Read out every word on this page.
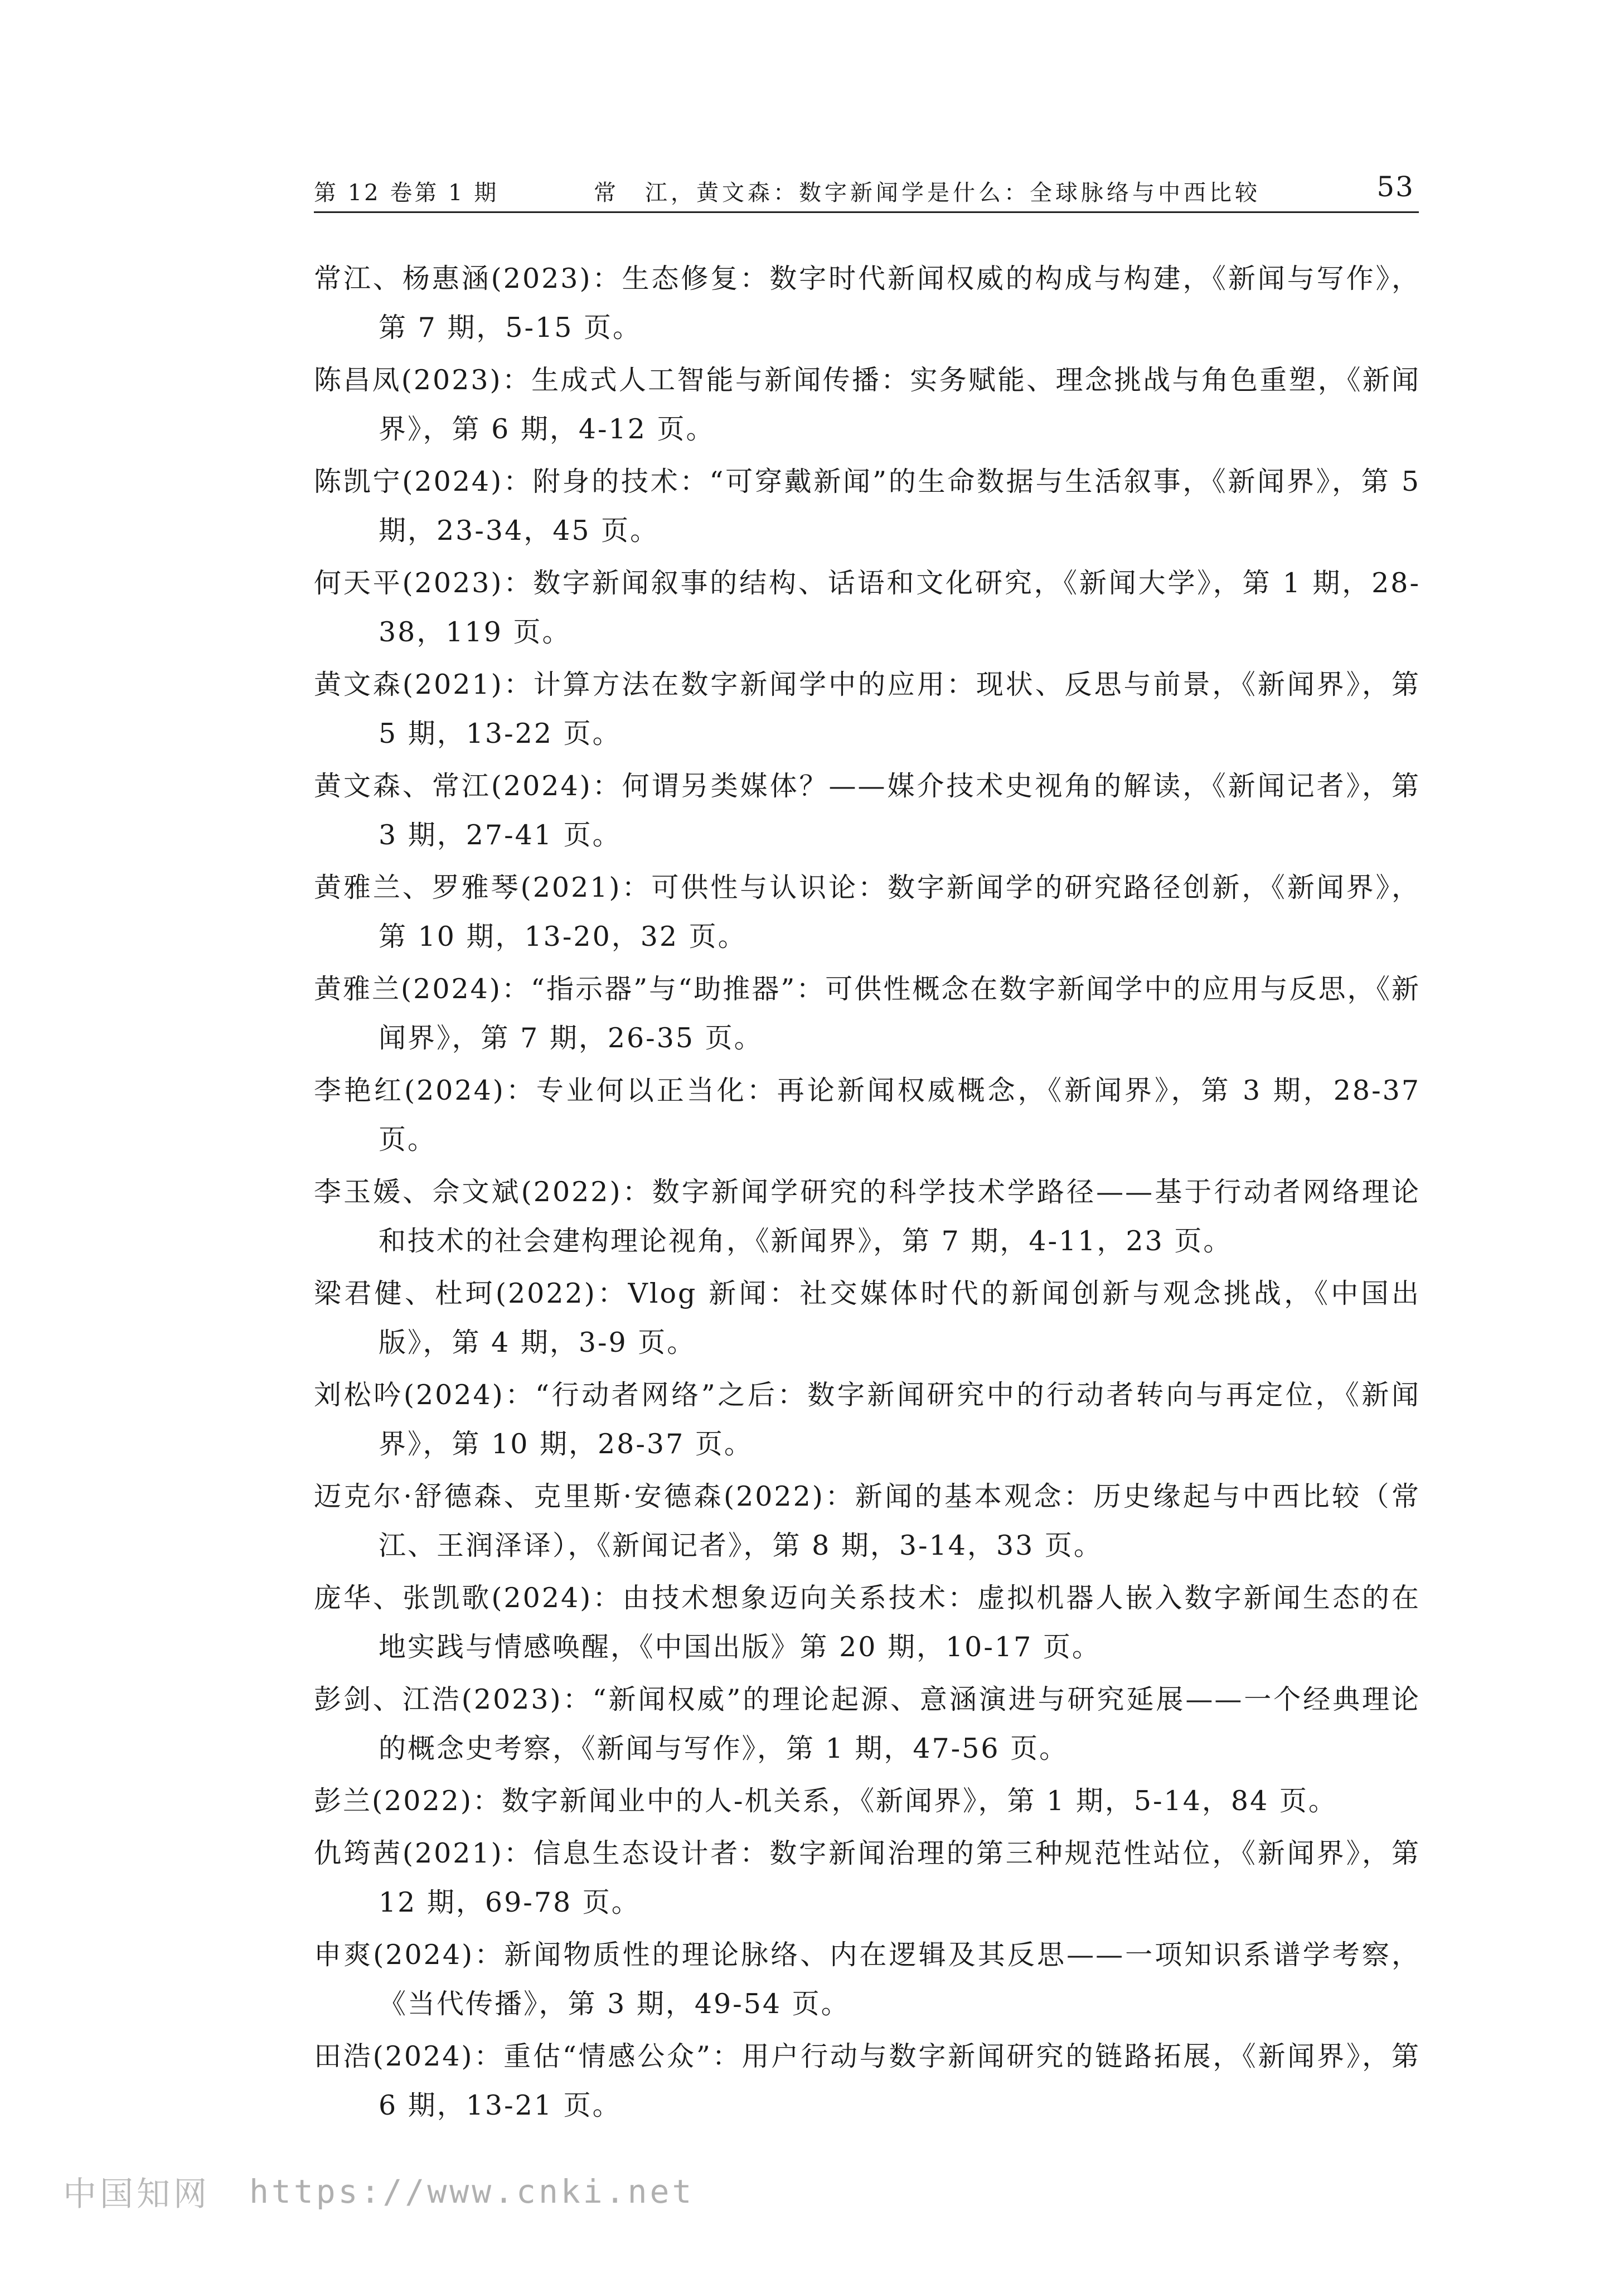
第 12 卷第 1 期	常　江，黄文森：数字新闻学是什么：全球脉络与中西比较	53
常江、杨惠涵(2023)：生态修复：数字时代新闻权威的构成与构建，《新闻与写作》，第 7 期，5-15 页。
陈昌凤(2023)：生成式人工智能与新闻传播：实务赋能、理念挑战与角色重塑，《新闻界》，第 6 期，4-12 页。
陈凯宁(2024)：附身的技术：“可穿戴新闻”的生命数据与生活叙事，《新闻界》，第 5 期，23-34，45 页。
何天平(2023)：数字新闻叙事的结构、话语和文化研究，《新闻大学》，第 1 期，28-38，119 页。
黄文森(2021)：计算方法在数字新闻学中的应用：现状、反思与前景，《新闻界》，第 5 期，13-22 页。
黄文森、常江(2024)：何谓另类媒体？——媒介技术史视角的解读，《新闻记者》，第 3 期，27-41 页。
黄雅兰、罗雅琴(2021)：可供性与认识论：数字新闻学的研究路径创新，《新闻界》，第 10 期，13-20，32 页。
黄雅兰(2024)：“指示器”与“助推器”：可供性概念在数字新闻学中的应用与反思，《新闻界》，第 7 期，26-35 页。
李艳红(2024)：专业何以正当化：再论新闻权威概念，《新闻界》，第 3 期，28-37 页。
李玉媛、佘文斌(2022)：数字新闻学研究的科学技术学路径——基于行动者网络理论和技术的社会建构理论视角，《新闻界》，第 7 期，4-11，23 页。
梁君健、杜珂(2022)：Vlog 新闻：社交媒体时代的新闻创新与观念挑战，《中国出版》，第 4 期，3-9 页。
刘松吟(2024)：“行动者网络”之后：数字新闻研究中的行动者转向与再定位，《新闻界》，第 10 期，28-37 页。
迈克尔·舒德森、克里斯·安德森(2022)：新闻的基本观念：历史缘起与中西比较（常江、王润泽译），《新闻记者》，第 8 期，3-14，33 页。
庞华、张凯歌(2024)：由技术想象迈向关系技术：虚拟机器人嵌入数字新闻生态的在地实践与情感唤醒，《中国出版》第 20 期，10-17 页。
彭剑、江浩(2023)：“新闻权威”的理论起源、意涵演进与研究延展——一个经典理论的概念史考察，《新闻与写作》，第 1 期，47-56 页。
彭兰(2022)：数字新闻业中的人-机关系，《新闻界》，第 1 期，5-14，84 页。
仇筠茜(2021)：信息生态设计者：数字新闻治理的第三种规范性站位，《新闻界》，第 12 期，69-78 页。
申爽(2024)：新闻物质性的理论脉络、内在逻辑及其反思——一项知识系谱学考察，《当代传播》，第 3 期，49-54 页。
田浩(2024)：重估“情感公众”：用户行动与数字新闻研究的链路拓展，《新闻界》，第 6 期，13-21 页。
中国知网 https://www.cnki.net
